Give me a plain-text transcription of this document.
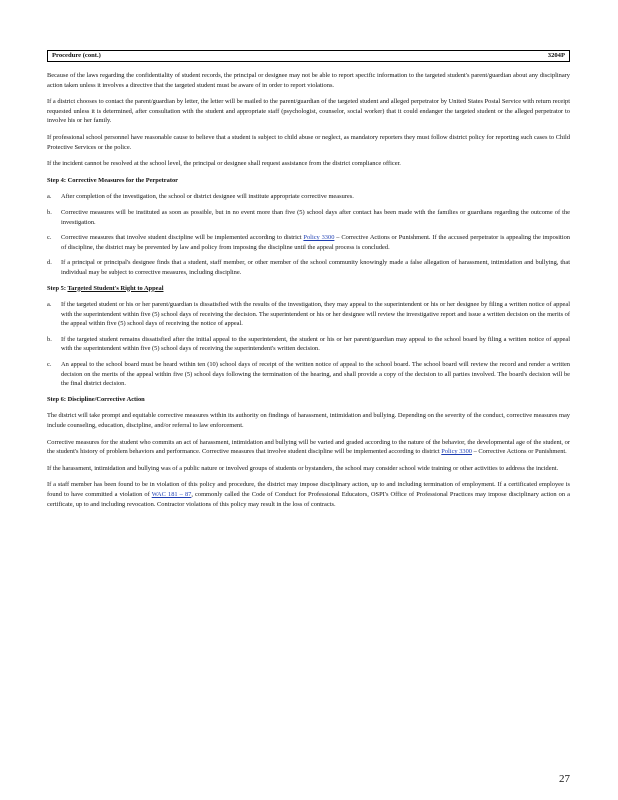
Procedure (cont.)	3204P

Because of the laws regarding the confidentiality of student records, the principal or designee may not be able to report specific information to the targeted student's parent/guardian about any disciplinary action taken unless it involves a directive that the targeted student must be aware of in order to report violations.

If a district chooses to contact the parent/guardian by letter, the letter will be mailed to the parent/guardian of the targeted student and alleged perpetrator by United States Postal Service with return receipt requested unless it is determined, after consultation with the student and appropriate staff (psychologist, counselor, social worker) that it could endanger the targeted student or the alleged perpetrator to involve his or her family.

If professional school personnel have reasonable cause to believe that a student is subject to child abuse or neglect, as mandatory reporters they must follow district policy for reporting such cases to Child Protective Services or the police.

If the incident cannot be resolved at the school level, the principal or designee shall request assistance from the district compliance officer.

Step 4: Corrective Measures for the Perpetrator
a.	After completion of the investigation, the school or district designee will institute appropriate corrective measures.
b.	Corrective measures will be instituted as soon as possible, but in no event more than five (5) school days after contact has been made with the families or guardians regarding the outcome of the investigation.
c.	Corrective measures that involve student discipline will be implemented according to district Policy 3300 – Corrective Actions or Punishment. If the accused perpetrator is appealing the imposition of discipline, the district may be prevented by law and policy from imposing the discipline until the appeal process is concluded.
d.	If a principal or principal's designee finds that a student, staff member, or other member of the school community knowingly made a false allegation of harassment, intimidation and bullying, that individual may be subject to corrective measures, including discipline.
Step 5: Targeted Student's Right to Appeal
a.	If the targeted student or his or her parent/guardian is dissatisfied with the results of the investigation, they may appeal to the superintendent or his or her designee by filing a written notice of appeal with the superintendent within five (5) school days of receiving the decision. The superintendent or his or her designee will review the investigative report and issue a written decision on the merits of the appeal within five (5) school days of receiving the notice of appeal.
b.	If the targeted student remains dissatisfied after the initial appeal to the superintendent, the student or his or her parent/guardian may appeal to the school board by filing a written notice of appeal with the superintendent within five (5) school days of receiving the superintendent's written decision.
c.	An appeal to the school board must be heard within ten (10) school days of receipt of the written notice of appeal to the school board. The school board will review the record and render a written decision on the merits of the appeal within five (5) school days following the termination of the hearing, and shall provide a copy of the decision to all parties involved. The board's decision will be the final district decision.
Step 6: Discipline/Corrective Action

The district will take prompt and equitable corrective measures within its authority on findings of harassment, intimidation and bullying. Depending on the severity of the conduct, corrective measures may include counseling, education, discipline, and/or referral to law enforcement.

Corrective measures for the student who commits an act of harassment, intimidation and bullying will be varied and graded according to the nature of the behavior, the developmental age of the student, or the student's history of problem behaviors and performance. Corrective measures that involve student discipline will be implemented according to district Policy 3300 – Corrective Actions or Punishment.

If the harassment, intimidation and bullying was of a public nature or involved groups of students or bystanders, the school may consider school wide training or other activities to address the incident.

If a staff member has been found to be in violation of this policy and procedure, the district may impose disciplinary action, up to and including termination of employment. If a certificated employee is found to have committed a violation of WAC 181 – 87, commonly called the Code of Conduct for Professional Educators, OSPI's Office of Professional Practices may impose disciplinary action on a certificate, up to and including revocation. Contractor violations of this policy may result in the loss of contracts.

27
